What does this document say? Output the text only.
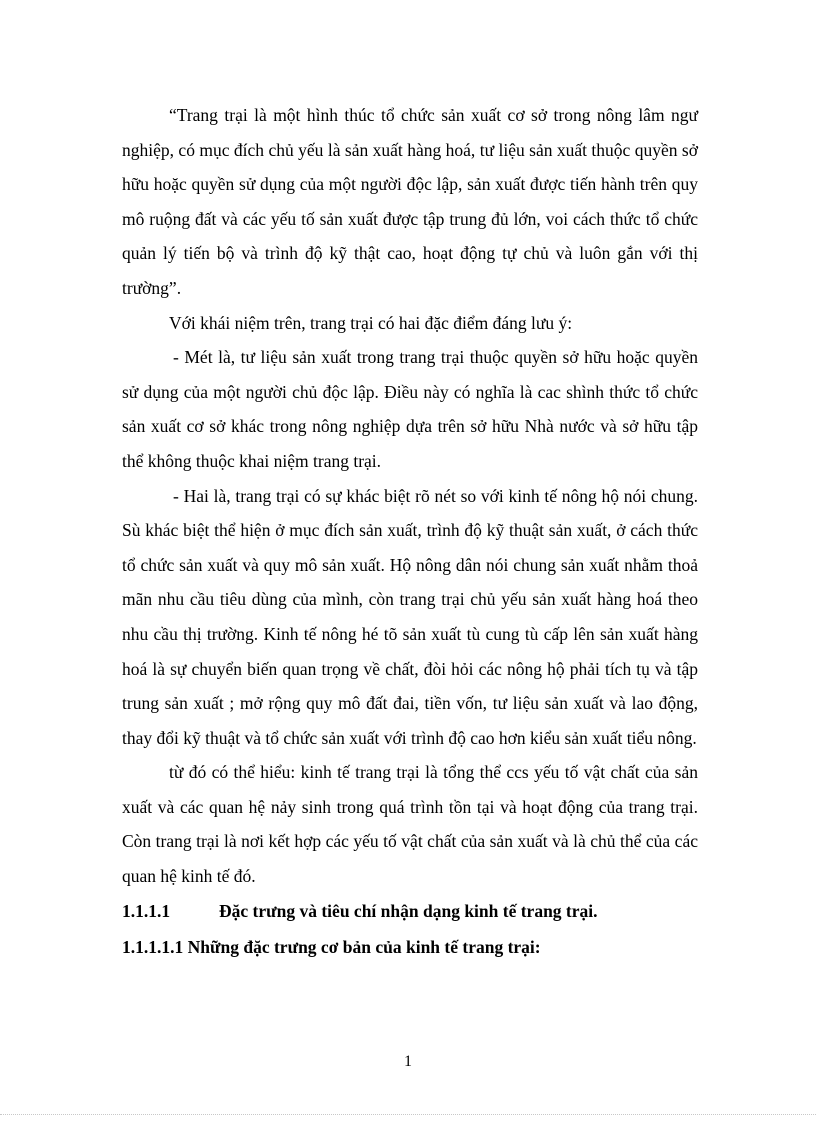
“Trang trại là một hình thúc tổ chức sản xuất cơ sở trong nông lâm ngư nghiệp, có mục đích chủ yếu là sản xuất hàng hoá, tư liệu sản xuất thuộc quyền sở hữu hoặc quyền sử dụng của một người độc lập, sản xuất được tiến hành trên quy mô ruộng đất và các yếu tố sản xuất được tập trung đủ lớn, voi cách thức tổ chức quản lý tiến bộ và trình độ kỹ thật cao, hoạt động tự chủ và luôn gắn với thị trường”.

Với khái niệm trên, trang trại có hai đặc điểm đáng lưu ý:

- Mét là, tư liệu sản xuất trong trang trại thuộc quyền sở hữu hoặc quyền sử dụng của một người chủ độc lập. Điều này có nghĩa là cac shình thức tổ chức sản xuất cơ sở khác trong nông nghiệp dựa trên sở hữu Nhà nước và sở hữu tập thể không thuộc khai niệm trang trại.

- Hai là, trang trại có sự khác biệt rõ nét so với kinh tế nông hộ nói chung. Sù khác biệt thể hiện ở mục đích sản xuất, trình độ kỹ thuật sản xuất, ở cách thức tổ chức sản xuất và quy mô sản xuất. Hộ nông dân nói chung sản xuất nhằm thoả mãn nhu cầu tiêu dùng của mình, còn trang trại chủ yếu sản xuất hàng hoá theo nhu cầu thị trường. Kinh tế nông hé tõ sản xuất tù cung tù cấp lên sản xuất hàng hoá là sự chuyển biến quan trọng về chất, đòi hỏi các nông hộ phải tích tụ và tập trung sản xuất ; mở rộng quy mô đất đai, tiền vốn, tư liệu sản xuất và lao động, thay đổi kỹ thuật và tổ chức sản xuất với trình độ cao hơn kiểu sản xuất tiểu nông.

từ đó có thể hiểu: kinh tế trang trại là tổng thể ccs yếu tố vật chất của sản xuất và các quan hệ nảy sinh trong quá trình tồn tại và hoạt động của trang trại. Còn trang trại là nơi kết hợp các yếu tố vật chất của sản xuất và là chủ thể của các quan hệ kinh tế đó.

1.1.1.1	Đặc trưng và tiêu chí nhận dạng kinh tế trang trại.
1.1.1.1.1 Những đặc trưng cơ bản của kinh tế trang trại:
1
